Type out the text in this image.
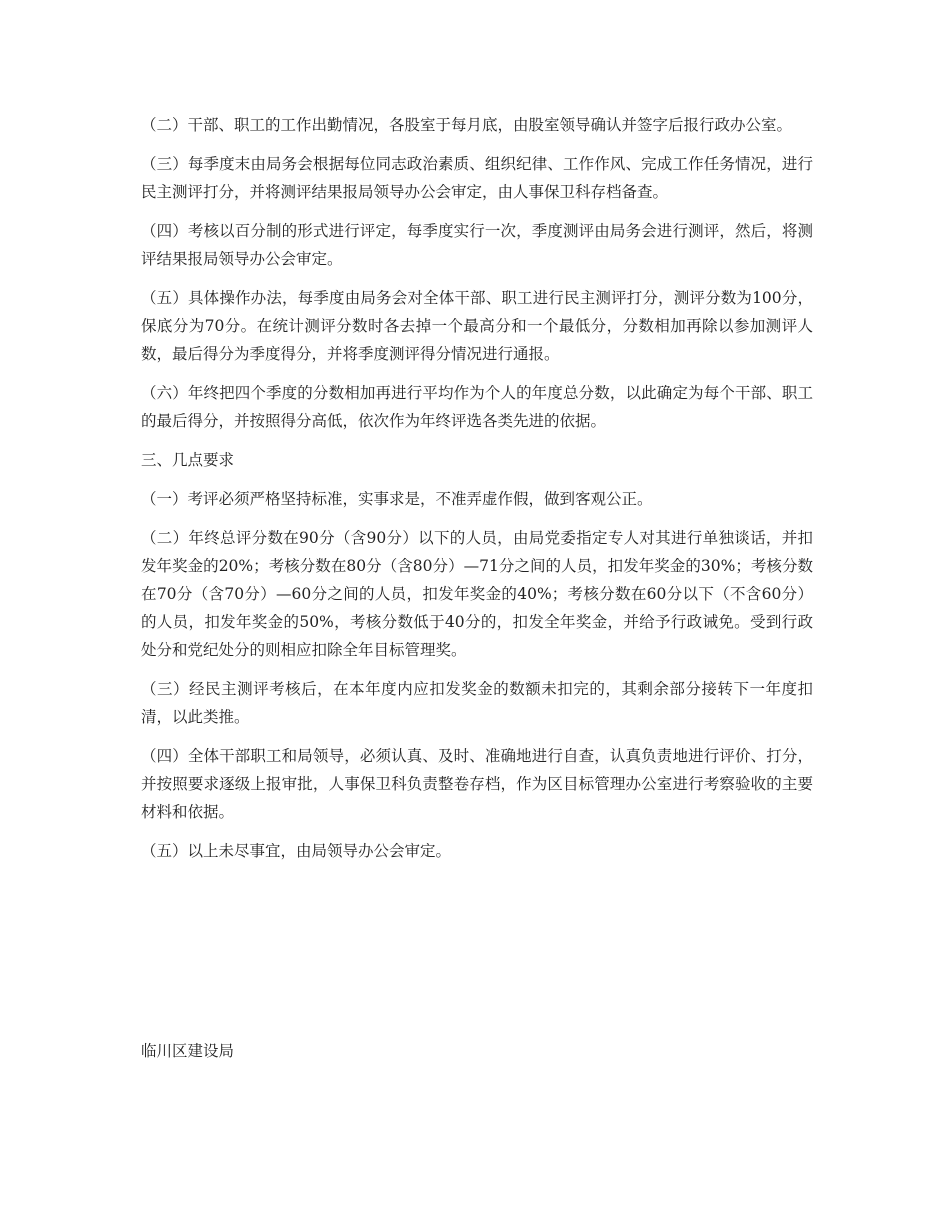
（二）干部、职工的工作出勤情况，各股室于每月底，由股室领导确认并签字后报行政办公室。

（三）每季度末由局务会根据每位同志政治素质、组织纪律、工作作风、完成工作任务情况，进行民主测评打分，并将测评结果报局领导办公会审定，由人事保卫科存档备查。

（四）考核以百分制的形式进行评定，每季度实行一次，季度测评由局务会进行测评，然后，将测评结果报局领导办公会审定。

（五）具体操作办法，每季度由局务会对全体干部、职工进行民主测评打分，测评分数为100分，保底分为70分。在统计测评分数时各去掉一个最高分和一个最低分，分数相加再除以参加测评人数，最后得分为季度得分，并将季度测评得分情况进行通报。

（六）年终把四个季度的分数相加再进行平均作为个人的年度总分数，以此确定为每个干部、职工的最后得分，并按照得分高低，依次作为年终评选各类先进的依据。

三、几点要求

（一）考评必须严格坚持标准，实事求是，不准弄虚作假，做到客观公正。

（二）年终总评分数在90分（含90分）以下的人员，由局党委指定专人对其进行单独谈话，并扣发年奖金的20%；考核分数在80分（含80分）—71分之间的人员，扣发年奖金的30%；考核分数在70分（含70分）—60分之间的人员，扣发年奖金的40%；考核分数在60分以下（不含60分）的人员，扣发年奖金的50%，考核分数低于40分的，扣发全年奖金，并给予行政诫免。受到行政处分和党纪处分的则相应扣除全年目标管理奖。

（三）经民主测评考核后，在本年度内应扣发奖金的数额未扣完的，其剩余部分接转下一年度扣清，以此类推。

（四）全体干部职工和局领导，必须认真、及时、准确地进行自查，认真负责地进行评价、打分，并按照要求逐级上报审批，人事保卫科负责整卷存档，作为区目标管理办公室进行考察验收的主要材料和依据。

（五）以上未尽事宜，由局领导办公会审定。

临川区建设局
